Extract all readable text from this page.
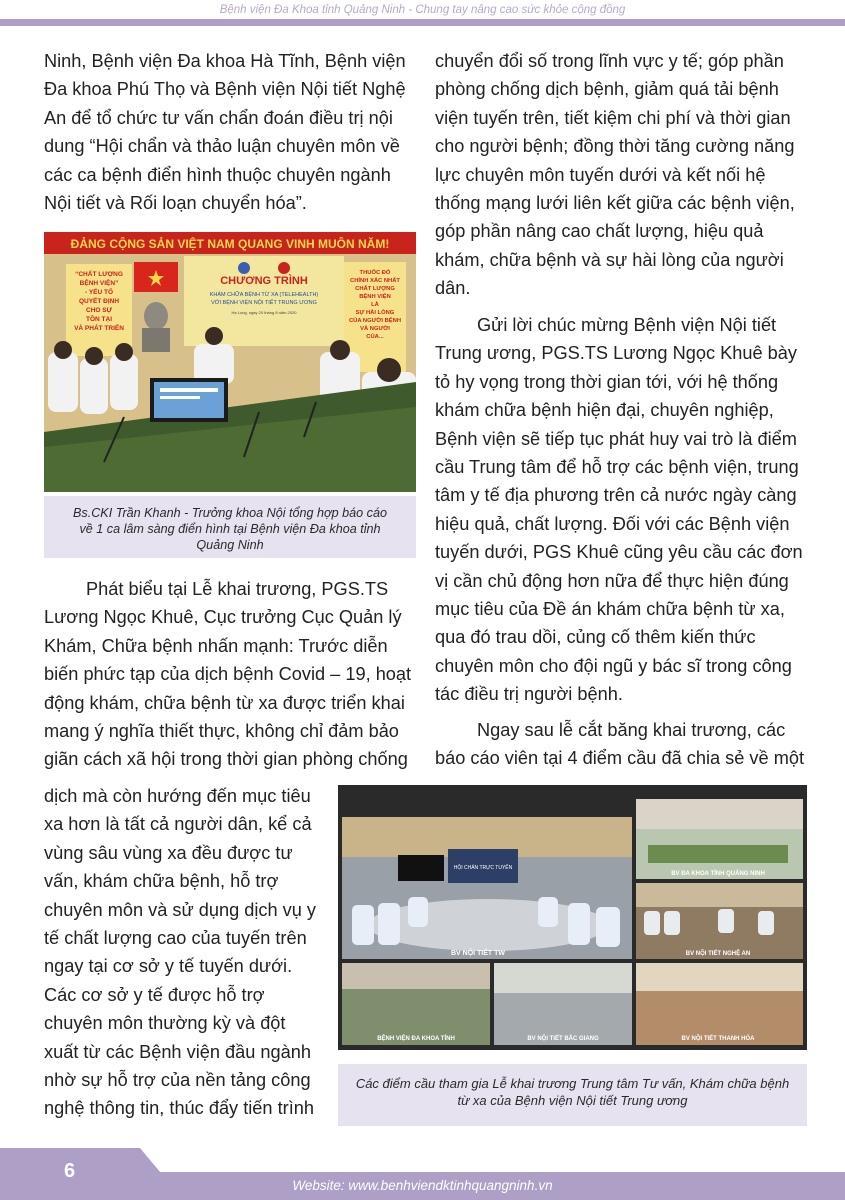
Bệnh viện Đa Khoa tỉnh Quảng Ninh - Chung tay nâng cao sức khỏe cộng đồng
Ninh, Bệnh viện Đa khoa Hà Tĩnh, Bệnh viện
Đa khoa Phú Thọ và Bệnh viện Nội tiết Nghệ
An để tổ chức tư vấn chẩn đoán điều trị nội
dung “Hội chẩn và thảo luận chuyên môn về
các ca bệnh điển hình thuộc chuyên ngành
Nội tiết và Rối loạn chuyển hóa”.
ĐẢNG CỘNG SẢN VIỆT NAM QUANG VINH MUÔN NĂM!
CHƯƠNG TRÌNH
KHÁM CHỮA BỆNH TỪ XA (TELEHEALTH)
VỚI BỆNH VIỆN NỘI TIẾT TRUNG ƯƠNG
Hạ Long, ngày 20 tháng 8 năm 2020
“CHẤT LƯỢNG
BỆNH VIỆN”
- YẾU TỐ
QUYẾT ĐỊNH
CHO SỰ
TỒN TẠI
VÀ PHÁT TRIỂN
THUỐC ĐÓ
CHÍNH XÁC NHẤT
CHẤT LƯỢNG
BỆNH VIỆN
LÀ
SỰ HÀI LÒNG
CỦA NGƯỜI BỆNH
VÀ NGƯỜI
CỦA...
Bs.CKI Trần Khanh - Trưởng khoa Nội tổng hợp báo cáo về 1 ca lâm sàng điển hình tại Bệnh viện Đa khoa tỉnh Quảng Ninh
Phát biểu tại Lễ khai trương, PGS.TS
Lương Ngọc Khuê, Cục trưởng Cục Quản lý
Khám, Chữa bệnh nhấn mạnh: Trước diễn
biến phức tạp của dịch bệnh Covid – 19, hoạt
động khám, chữa bệnh từ xa được triển khai
mang ý nghĩa thiết thực, không chỉ đảm bảo
giãn cách xã hội trong thời gian phòng chống
dịch mà còn hướng đến mục tiêu
xa hơn là tất cả người dân, kể cả
vùng sâu vùng xa đều được tư
vấn, khám chữa bệnh, hỗ trợ
chuyên môn và sử dụng dịch vụ y
tế chất lượng cao của tuyến trên
ngay tại cơ sở y tế tuyến dưới.
Các cơ sở y tế được hỗ trợ
chuyên môn thường kỳ và đột
xuất từ các Bệnh viện đầu ngành
nhờ sự hỗ trợ của nền tảng công
nghệ thông tin, thúc đẩy tiến trình
chuyển đổi số trong lĩnh vực y tế; góp phần
phòng chống dịch bệnh, giảm quá tải bệnh
viện tuyến trên, tiết kiệm chi phí và thời gian
cho người bệnh; đồng thời tăng cường năng
lực chuyên môn tuyến dưới và kết nối hệ
thống mạng lưới liên kết giữa các bệnh viện,
góp phần nâng cao chất lượng, hiệu quả
khám, chữa bệnh và sự hài lòng của người
dân.
Gửi lời chúc mừng Bệnh viện Nội tiết
Trung ương, PGS.TS Lương Ngọc Khuê bày
tỏ hy vọng trong thời gian tới, với hệ thống
khám chữa bệnh hiện đại, chuyên nghiệp,
Bệnh viện sẽ tiếp tục phát huy vai trò là điểm
cầu Trung tâm để hỗ trợ các bệnh viện, trung
tâm y tế địa phương trên cả nước ngày càng
hiệu quả, chất lượng. Đối với các Bệnh viện
tuyến dưới, PGS Khuê cũng yêu cầu các đơn
vị cần chủ động hơn nữa để thực hiện đúng
mục tiêu của Đề án khám chữa bệnh từ xa,
qua đó trau dồi, củng cố thêm kiến thức
chuyên môn cho đội ngũ y bác sĩ trong công
tác điều trị người bệnh.
Ngay sau lễ cắt băng khai trương, các
báo cáo viên tại 4 điểm cầu đã chia sẻ về một
HỘI CHẨN TRỰC TUYẾN
BV NỘI TIẾT TW
BV ĐA KHOA TỈNH QUẢNG NINH
BV NỘI TIẾT NGHỆ AN
BỆNH VIỆN ĐA KHOA TỈNH	BV NỘI TIẾT BẮC GIANG	BV NỘI TIẾT THANH HÓA
Các điểm cầu tham gia Lễ khai trương Trung tâm Tư vấn, Khám chữa bệnh từ xa của Bệnh viện Nội tiết Trung ương
6
Website: www.benhviendktinhquangninh.vn
